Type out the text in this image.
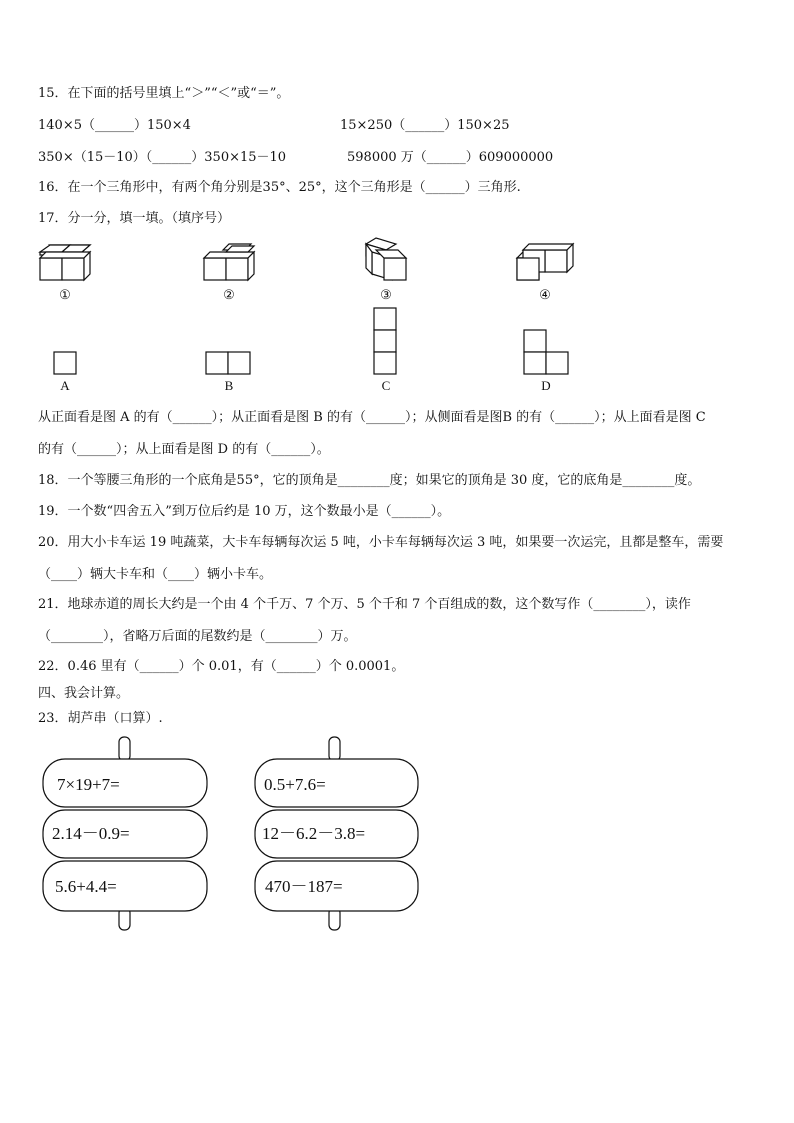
15．在下面的括号里填上“＞”“＜”或“＝”。
140×5（______）150×4	15×250（______）150×25
350×（15－10）（______）350×15－10	598000 万（______）609000000
16．在一个三角形中，有两个角分别是35°、25°，这个三角形是（______）三角形.
17．分一分，填一填。（填序号）
①	②	③	④
A	B	C	D
7×19+7=
2.14－0.9=
5.6+4.4=
0.5+7.6=
12－6.2－3.8=
470－187=
从正面看是图 A 的有（______）；从正面看是图 B 的有（______）；从侧面看是图B 的有（______）；从上面看是图 C
的有（______）；从上面看是图 D 的有（______）。
18．一个等腰三角形的一个底角是55°，它的顶角是________度；如果它的顶角是 30 度，它的底角是________度。
19．一个数“四舍五入”到万位后约是 10 万，这个数最小是（______）。
20．用大小卡车运 19 吨蔬菜，大卡车每辆每次运 5 吨，小卡车每辆每次运 3 吨，如果要一次运完，且都是整车，需要
（____）辆大卡车和（____）辆小卡车。
21．地球赤道的周长大约是一个由 4 个千万、7 个万、5 个千和 7 个百组成的数，这个数写作（________），读作
（________），省略万后面的尾数约是（________）万。
22．0.46 里有（______）个 0.01，有（______）个 0.0001。
四、我会计算。
23．胡芦串（口算）.
